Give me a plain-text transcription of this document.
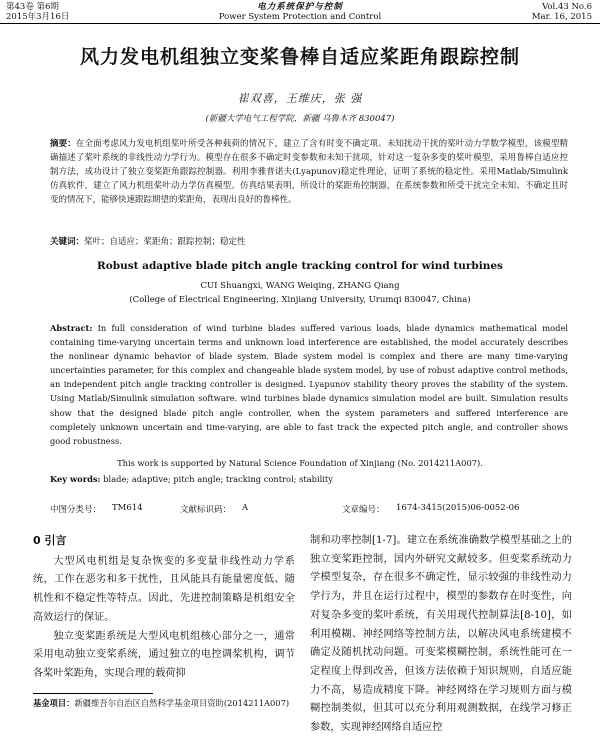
第43卷 第6期
2015年3月16日
电力系统保护与控制
Power System Protection and Control
Vol.43 No.6
Mar. 16, 2015
风力发电机组独立变桨鲁棒自适应桨距角跟踪控制
崔双喜，王维庆，张 强
(新疆大学电气工程学院，新疆 乌鲁木齐 830047)
摘要：在全面考虑风力发电机组桨叶所受各种载荷的情况下，建立了含有时变不确定项、未知扰动干扰的桨叶动力学数学模型，该模型精确描述了桨叶系统的非线性动力学行为。模型存在很多不确定时变参数和未知干扰项，针对这一复杂多变的桨叶模型，采用鲁棒自适应控制方法，成功设计了独立变桨距角跟踪控制器。利用李雅普诺夫(Lyapunov)稳定性理论，证明了系统的稳定性。采用Matlab/Simulink仿真软件，建立了风力机组桨叶动力学仿真模型。仿真结果表明，所设计的桨距角控制器，在系统参数和所受干扰完全未知、不确定且时变的情况下，能够快速跟踪期望的桨距角，表现出良好的鲁棒性。
关键词：桨叶；自适应；桨距角；跟踪控制；稳定性
Robust adaptive blade pitch angle tracking control for wind turbines
CUI Shuangxi, WANG Weiqing, ZHANG Qiang
(College of Electrical Engineering, Xinjiang University, Urumqi 830047, China)
Abstract: In full consideration of wind turbine blades suffered various loads, blade dynamics mathematical model containing time-varying uncertain terms and unknown load interference are established, the model accurately describes the nonlinear dynamic behavior of blade system. Blade system model is complex and there are many time-varying uncertainties parameter, for this complex and changeable blade system model, by use of robust adaptive control methods, an independent pitch angle tracking controller is designed. Lyapunov stability theory proves the stability of the system. Using Matlab/Simulink simulation software. wind turbines blade dynamics simulation model are built. Simulation results show that the designed blade pitch angle controller, when the system parameters and suffered interference are completely unknown uncertain and time-varying, are able to fast track the expected pitch angle, and controller shows good robustness.
This work is supported by Natural Science Foundation of Xinjiang (No. 2014211A007).
Key words: blade; adaptive; pitch angle; tracking control; stability
中图分类号： TM614	文献标识码： A	文章编号： 1674-3415(2015)06-0052-06
0 引言

大型风电机组是复杂恢变的多变量非线性动力学系统，工作在恶劣和多干扰性，且风能具有能量密度低、随机性和不稳定性等特点。因此，先进控制策略是机组安全高效运行的保证。

独立变桨距系统是大型风电机组核心部分之一，通常采用电动独立变桨系统，通过独立的电控调桨机构，调节各桨叶桨距角，实现合理的载荷抑

制和功率控制[1-7]。建立在系统准确数学模型基础之上的独立变桨距控制，国内外研究文献较多。但变桨系统动力学模型复杂，存在很多不确定性，显示较强的非线性动力学行为，并且在运行过程中，模型的参数存在时变性，向对复杂多变的桨叶系统，有关用现代控制算法[8-10]，如利用模糊、神经网络等控制方法，以解决风电系统建模不确定及随机扰动问题。可变桨模糊控制，系统性能可在一定程度上得到改善，但该方法依赖于知识规则，自适应能力不高，易造成精度下降。神经网络在学习规则方面与模糊控制类似，但其可以充分利用观测数据，在线学习修正参数，实现神经网络自适应控

基金项目：新疆维吾尔自治区自然科学基金项目资助(2014211A007)
